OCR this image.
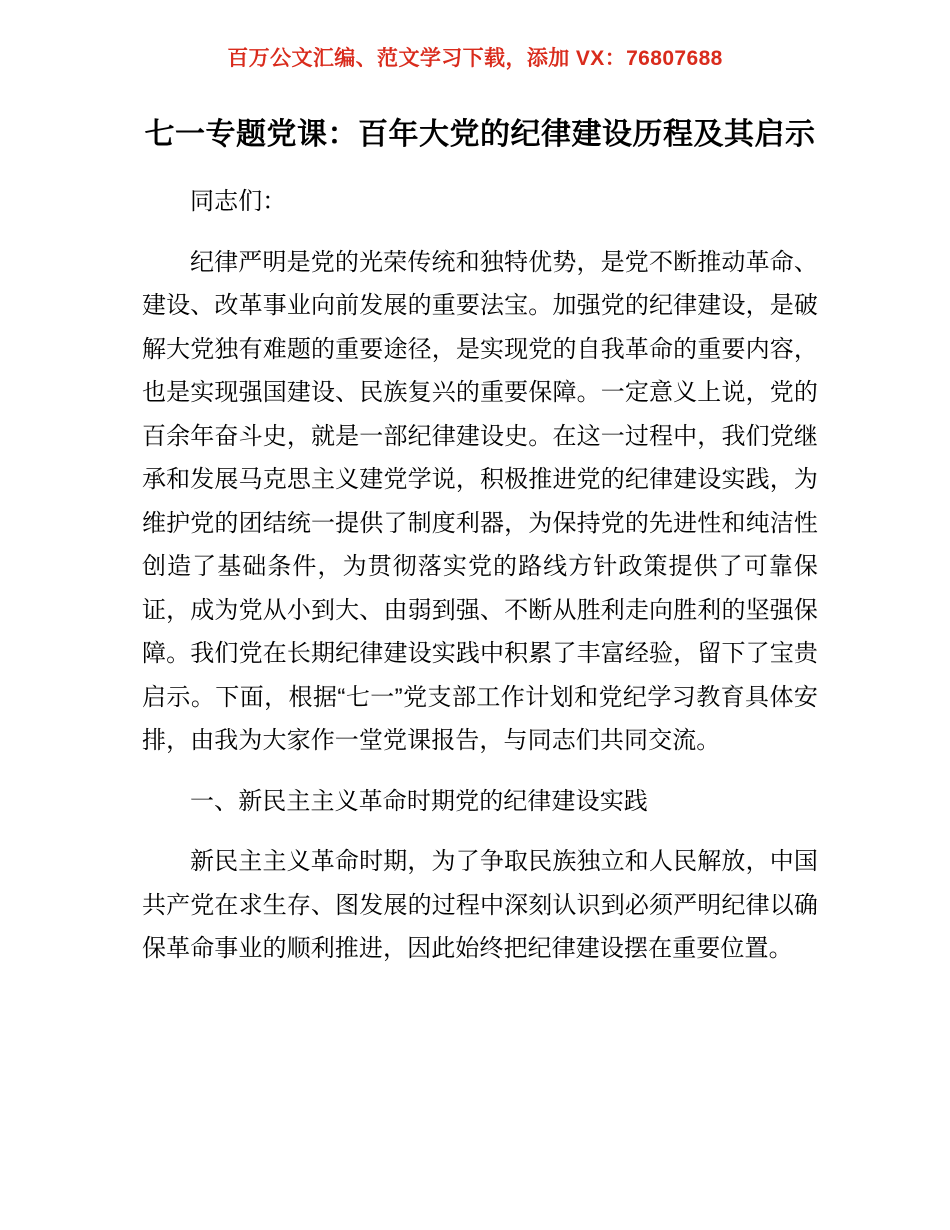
百万公文汇编、范文学习下载，添加 VX：76807688
七一专题党课：百年大党的纪律建设历程及其启示

同志们：

纪律严明是党的光荣传统和独特优势，是党不断推动革命、建设、改革事业向前发展的重要法宝。加强党的纪律建设，是破解大党独有难题的重要途径，是实现党的自我革命的重要内容，也是实现强国建设、民族复兴的重要保障。一定意义上说，党的百余年奋斗史，就是一部纪律建设史。在这一过程中，我们党继承和发展马克思主义建党学说，积极推进党的纪律建设实践，为维护党的团结统一提供了制度利器，为保持党的先进性和纯洁性创造了基础条件，为贯彻落实党的路线方针政策提供了可靠保证，成为党从小到大、由弱到强、不断从胜利走向胜利的坚强保障。我们党在长期纪律建设实践中积累了丰富经验，留下了宝贵启示。下面，根据“七一”党支部工作计划和党纪学习教育具体安排，由我为大家作一堂党课报告，与同志们共同交流。

一、新民主主义革命时期党的纪律建设实践

新民主主义革命时期，为了争取民族独立和人民解放，中国共产党在求生存、图发展的过程中深刻认识到必须严明纪律以确保革命事业的顺利推进，因此始终把纪律建设摆在重要位置。
